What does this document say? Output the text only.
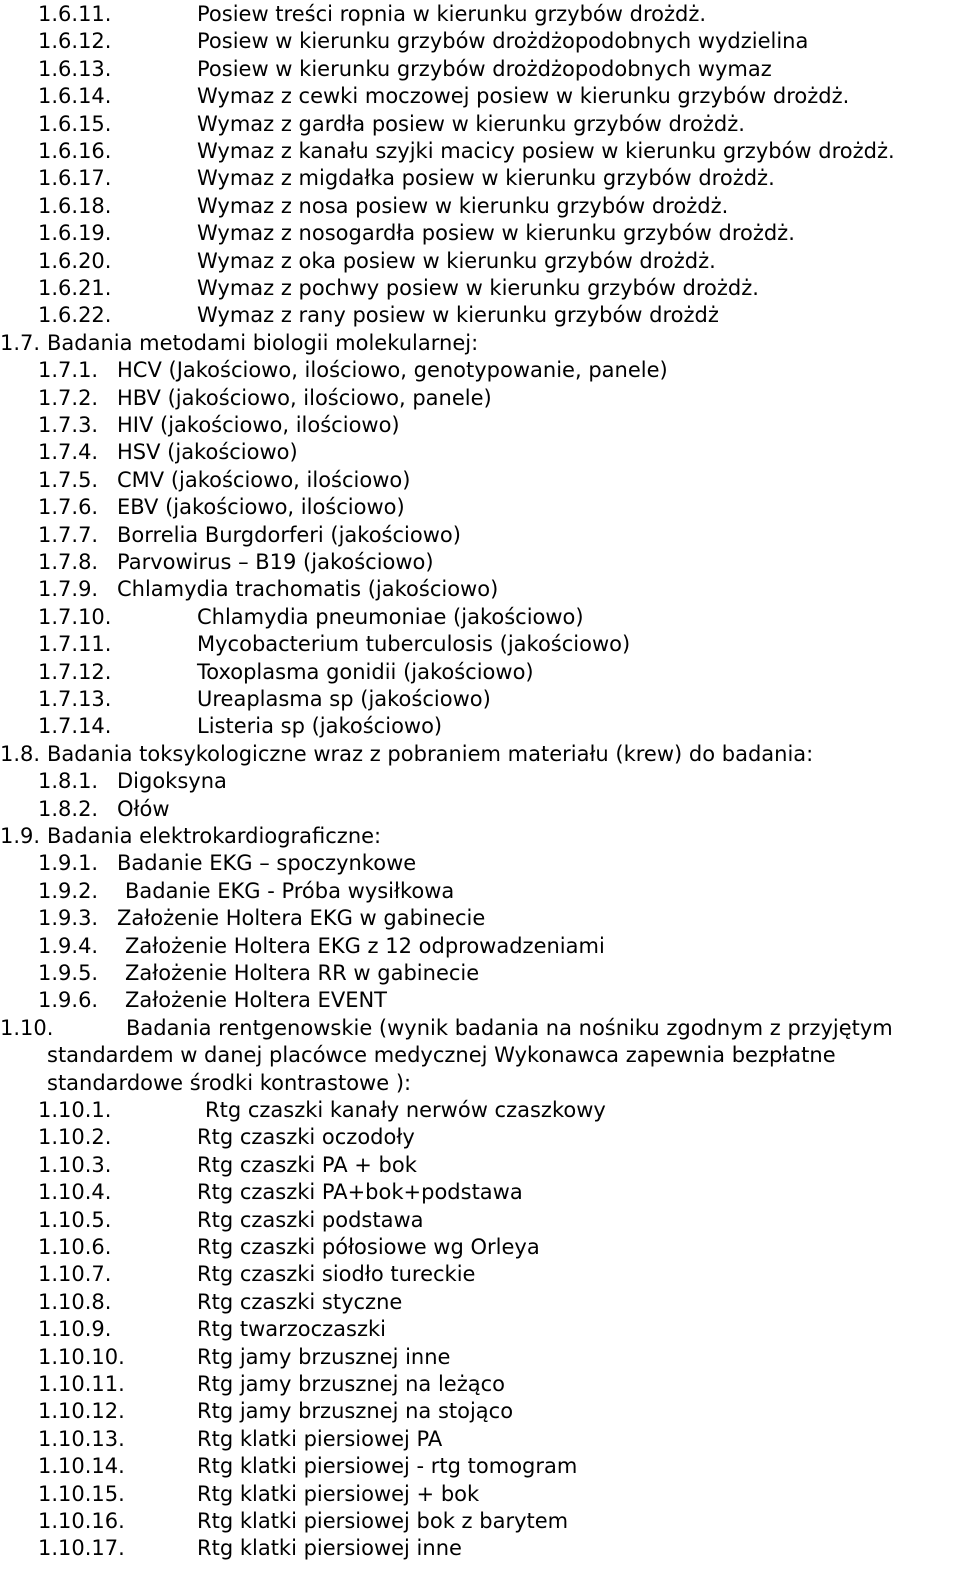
1.6.11.	Posiew treści ropnia w kierunku grzybów drożdż.
1.6.12.	Posiew w kierunku grzybów drożdżopodobnych wydzielina
1.6.13.	Posiew w kierunku grzybów drożdżopodobnych wymaz
1.6.14.	Wymaz z cewki moczowej posiew w kierunku grzybów drożdż.
1.6.15.	Wymaz z gardła posiew w kierunku grzybów drożdż.
1.6.16.	Wymaz z kanału szyjki macicy posiew w kierunku grzybów drożdż.
1.6.17.	Wymaz z migdałka posiew w kierunku grzybów drożdż.
1.6.18.	Wymaz z nosa posiew w kierunku grzybów drożdż.
1.6.19.	Wymaz z nosogardła posiew w kierunku grzybów drożdż.
1.6.20.	Wymaz z oka posiew w kierunku grzybów drożdż.
1.6.21.	Wymaz z pochwy posiew w kierunku grzybów drożdż.
1.6.22.	Wymaz z rany posiew w kierunku grzybów drożdż
1.7. Badania metodami biologii molekularnej:
1.7.1. HCV (Jakościowo, ilościowo, genotypowanie, panele)
1.7.2. HBV (jakościowo, ilościowo, panele)
1.7.3. HIV (jakościowo, ilościowo)
1.7.4. HSV (jakościowo)
1.7.5. CMV (jakościowo, ilościowo)
1.7.6. EBV (jakościowo, ilościowo)
1.7.7. Borrelia Burgdorferi (jakościowo)
1.7.8. Parvowirus – B19 (jakościowo)
1.7.9. Chlamydia trachomatis (jakościowo)
1.7.10.	Chlamydia pneumoniae (jakościowo)
1.7.11.	Mycobacterium tuberculosis (jakościowo)
1.7.12.	Toxoplasma gonidii (jakościowo)
1.7.13.	Ureaplasma sp (jakościowo)
1.7.14.	Listeria sp (jakościowo)
1.8. Badania toksykologiczne wraz z pobraniem materiału (krew) do badania:
1.8.1. Digoksyna
1.8.2. Ołów
1.9. Badania elektrokardiograficzne:
1.9.1. Badanie EKG – spoczynkowe
1.9.2. Badanie EKG - Próba wysiłkowa
1.9.3. Założenie Holtera EKG w gabinecie
1.9.4. Założenie Holtera EKG z 12 odprowadzeniami
1.9.5. Założenie Holtera RR w gabinecie
1.9.6. Założenie Holtera EVENT
1.10.	Badania rentgenowskie (wynik badania na nośniku zgodnym z przyjętym
standardem w danej placówce medycznej Wykonawca zapewnia bezpłatne
standardowe środki kontrastowe ):
1.10.1.	Rtg czaszki kanały nerwów czaszkowy
1.10.2.	Rtg czaszki oczodoły
1.10.3.	Rtg czaszki PA + bok
1.10.4.	Rtg czaszki PA+bok+podstawa
1.10.5.	Rtg czaszki podstawa
1.10.6.	Rtg czaszki półosiowe wg Orleya
1.10.7.	Rtg czaszki siodło tureckie
1.10.8.	Rtg czaszki styczne
1.10.9.	Rtg twarzoczaszki
1.10.10.	Rtg jamy brzusznej inne
1.10.11.	Rtg jamy brzusznej na leżąco
1.10.12.	Rtg jamy brzusznej na stojąco
1.10.13.	Rtg klatki piersiowej PA
1.10.14.	Rtg klatki piersiowej - rtg tomogram
1.10.15.	Rtg klatki piersiowej + bok
1.10.16.	Rtg klatki piersiowej bok z barytem
1.10.17.	Rtg klatki piersiowej inne
